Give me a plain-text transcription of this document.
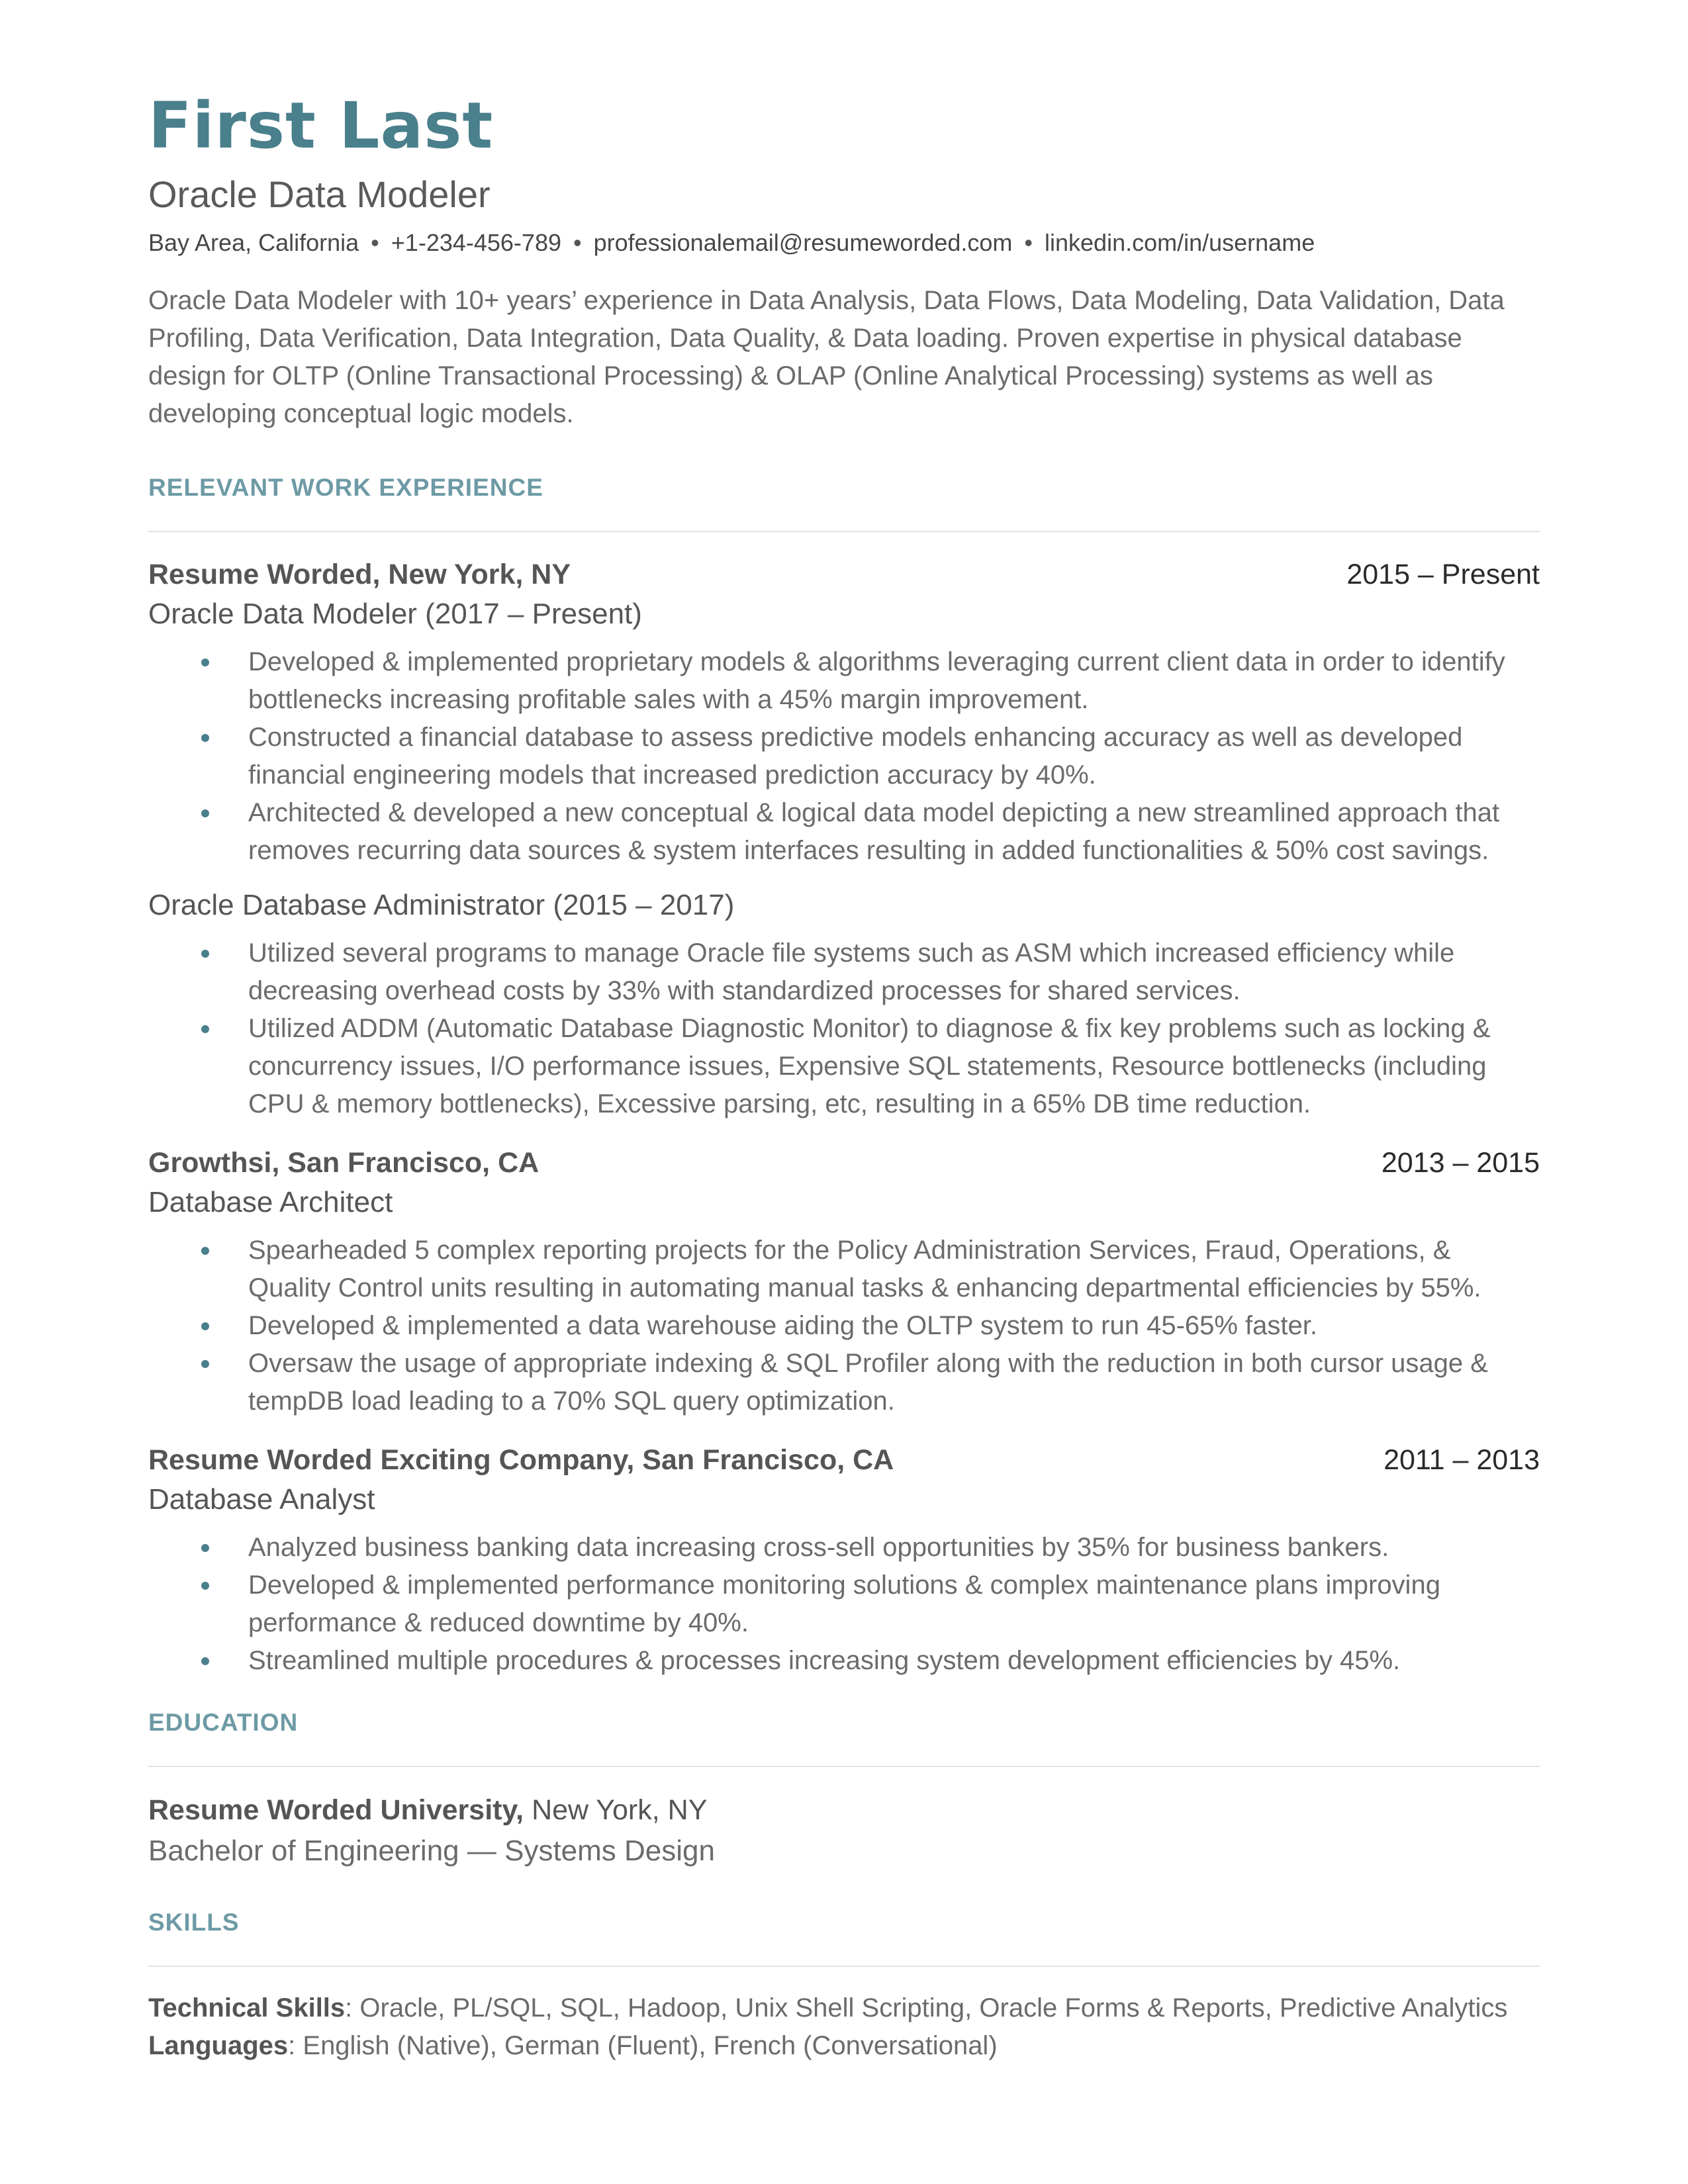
First Last
Oracle Data Modeler
Bay Area, California • +1-234-456-789 • professionalemail@resumeworded.com • linkedin.com/in/username
Oracle Data Modeler with 10+ years’ experience in Data Analysis, Data Flows, Data Modeling, Data Validation, Data Profiling, Data Verification, Data Integration, Data Quality, & Data loading. Proven expertise in physical database design for OLTP (Online Transactional Processing) & OLAP (Online Analytical Processing) systems as well as developing conceptual logic models.
RELEVANT WORK EXPERIENCE
Resume Worded, New York, NY	2015 – Present
Oracle Data Modeler (2017 – Present)
Developed & implemented proprietary models & algorithms leveraging current client data in order to identify bottlenecks increasing profitable sales with a 45% margin improvement.
Constructed a financial database to assess predictive models enhancing accuracy as well as developed financial engineering models that increased prediction accuracy by 40%.
Architected & developed a new conceptual & logical data model depicting a new streamlined approach that removes recurring data sources & system interfaces resulting in added functionalities & 50% cost savings.
Oracle Database Administrator (2015 – 2017)
Utilized several programs to manage Oracle file systems such as ASM which increased efficiency while decreasing overhead costs by 33% with standardized processes for shared services.
Utilized ADDM (Automatic Database Diagnostic Monitor) to diagnose & fix key problems such as locking & concurrency issues, I/O performance issues, Expensive SQL statements, Resource bottlenecks (including CPU & memory bottlenecks), Excessive parsing, etc, resulting in a 65% DB time reduction.
Growthsi, San Francisco, CA	2013 – 2015
Database Architect
Spearheaded 5 complex reporting projects for the Policy Administration Services, Fraud, Operations, & Quality Control units resulting in automating manual tasks & enhancing departmental efficiencies by 55%.
Developed & implemented a data warehouse aiding the OLTP system to run 45-65% faster.
Oversaw the usage of appropriate indexing & SQL Profiler along with the reduction in both cursor usage & tempDB load leading to a 70% SQL query optimization.
Resume Worded Exciting Company, San Francisco, CA	2011 – 2013
Database Analyst
Analyzed business banking data increasing cross-sell opportunities by 35% for business bankers.
Developed & implemented performance monitoring solutions & complex maintenance plans improving performance & reduced downtime by 40%.
Streamlined multiple procedures & processes increasing system development efficiencies by 45%.
EDUCATION
Resume Worded University, New York, NY
Bachelor of Engineering — Systems Design
SKILLS
Technical Skills: Oracle, PL/SQL, SQL, Hadoop, Unix Shell Scripting, Oracle Forms & Reports, Predictive Analytics
Languages: English (Native), German (Fluent), French (Conversational)
